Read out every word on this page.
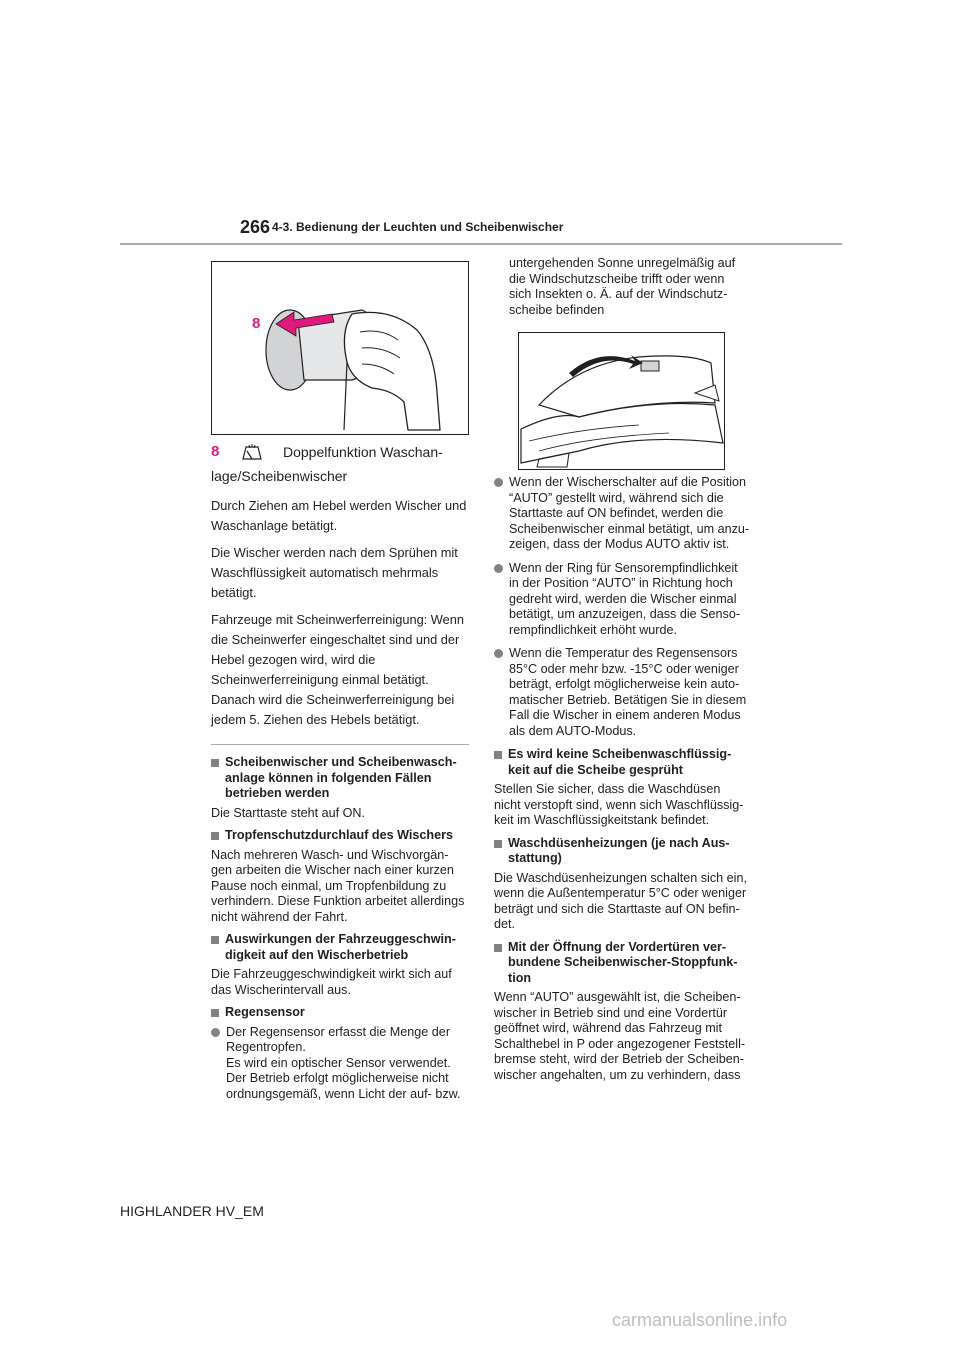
266 4-3. Bedienung der Leuchten und Scheibenwischer
8
8	Doppelfunktion Waschan-
lage/Scheibenwischer

Durch Ziehen am Hebel werden Wischer und Waschanlage betätigt.

Die Wischer werden nach dem Sprühen mit Waschflüssigkeit automatisch mehrmals betätigt.

Fahrzeuge mit Scheinwerferreinigung: Wenn die Scheinwerfer eingeschaltet sind und der Hebel gezogen wird, wird die Scheinwerferreinigung einmal betätigt. Danach wird die Scheinwerferreinigung bei jedem 5. Ziehen des Hebels betätigt.

Scheibenwischer und Scheibenwasch-anlage können in folgenden Fällen betrieben werden

Die Starttaste steht auf ON.

Tropfenschutzdurchlauf des Wischers

Nach mehreren Wasch- und Wischvorgän-gen arbeiten die Wischer nach einer kurzen Pause noch einmal, um Tropfenbildung zu verhindern. Diese Funktion arbeitet allerdings nicht während der Fahrt.

Auswirkungen der Fahrzeuggeschwin-digkeit auf den Wischerbetrieb

Die Fahrzeuggeschwindigkeit wirkt sich auf das Wischerintervall aus.

Regensensor
Der Regensensor erfasst die Menge der Regentropfen.
Es wird ein optischer Sensor verwendet.
Der Betrieb erfolgt möglicherweise nicht ordnungsgemäß, wenn Licht der auf- bzw.

untergehenden Sonne unregelmäßig auf die Windschutzscheibe trifft oder wenn sich Insekten o. Ä. auf der Windschutz-scheibe befinden

Wenn der Wischerschalter auf die Position “AUTO” gestellt wird, während sich die Starttaste auf ON befindet, werden die Scheibenwischer einmal betätigt, um anzu-zeigen, dass der Modus AUTO aktiv ist.
Wenn der Ring für Sensorempfindlichkeit in der Position “AUTO” in Richtung hoch gedreht wird, werden die Wischer einmal betätigt, um anzuzeigen, dass die Senso-rempfindlichkeit erhöht wurde.
Wenn die Temperatur des Regensensors 85°C oder mehr bzw. -15°C oder weniger beträgt, erfolgt möglicherweise kein auto-matischer Betrieb. Betätigen Sie in diesem Fall die Wischer in einem anderen Modus als dem AUTO-Modus.
Es wird keine Scheibenwaschflüssig-keit auf die Scheibe gesprüht

Stellen Sie sicher, dass die Waschdüsen nicht verstopft sind, wenn sich Waschflüssig-keit im Waschflüssigkeitstank befindet.

Waschdüsenheizungen (je nach Aus-stattung)

Die Waschdüsenheizungen schalten sich ein, wenn die Außentemperatur 5°C oder weniger beträgt und sich die Starttaste auf ON befin-det.

Mit der Öffnung der Vordertüren ver-bundene Scheibenwischer-Stoppfunk-tion

Wenn “AUTO” ausgewählt ist, die Scheiben-wischer in Betrieb sind und eine Vordertür geöffnet wird, während das Fahrzeug mit Schalthebel in P oder angezogener Feststell-bremse steht, wird der Betrieb der Scheiben-wischer angehalten, um zu verhindern, dass

HIGHLANDER HV_EM
carmanualsonline.info
